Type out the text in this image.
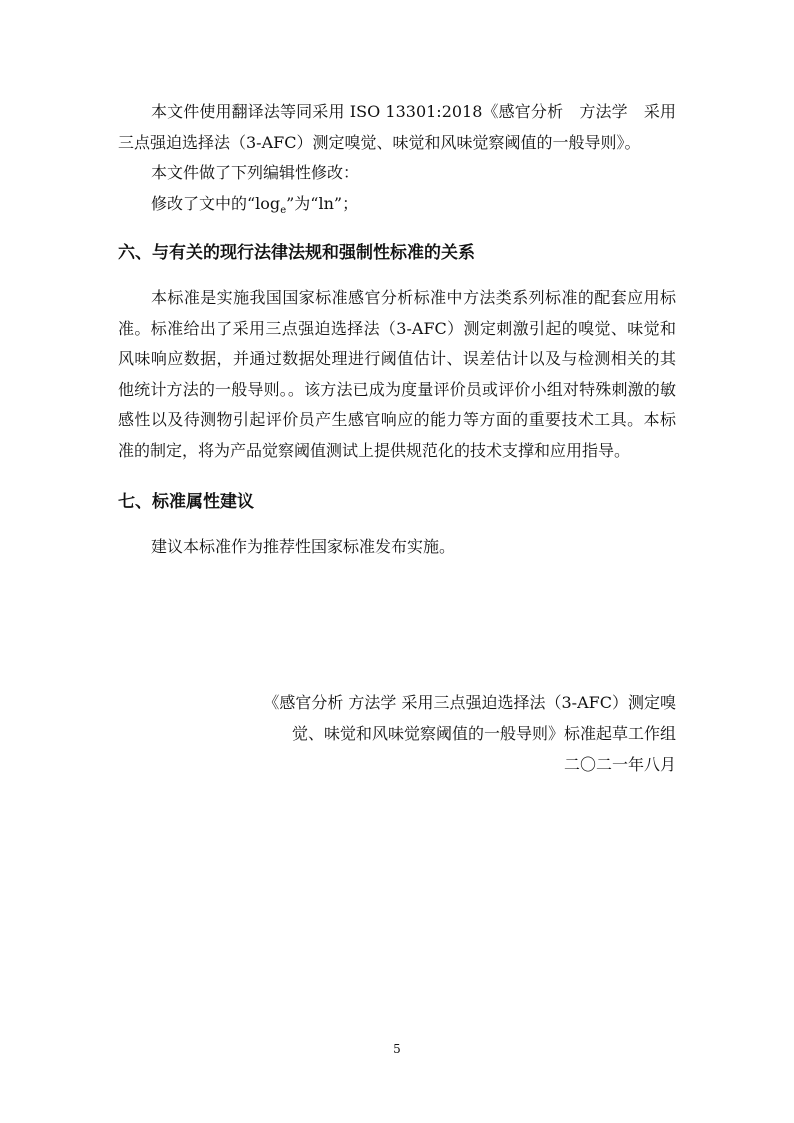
本文件使用翻译法等同采用 ISO 13301:2018《感官分析　方法学　采用三点强迫选择法（3-AFC）测定嗅觉、味觉和风味觉察阈值的一般导则》。

本文件做了下列编辑性修改：

修改了文中的“$\log_e$”为“ln”；

六、与有关的现行法律法规和强制性标准的关系

本标准是实施我国国家标准感官分析标准中方法类系列标准的配套应用标准。标准给出了采用三点强迫选择法（3-AFC）测定刺激引起的嗅觉、味觉和风味响应数据，并通过数据处理进行阈值估计、误差估计以及与检测相关的其他统计方法的一般导则。。该方法已成为度量评价员或评价小组对特殊刺激的敏感性以及待测物引起评价员产生感官响应的能力等方面的重要技术工具。本标准的制定，将为产品觉察阈值测试上提供规范化的技术支撑和应用指导。

七、标准属性建议

建议本标准作为推荐性国家标准发布实施。

《感官分析 方法学 采用三点强迫选择法（3-AFC）测定嗅

觉、味觉和风味觉察阈值的一般导则》标准起草工作组

二〇二一年八月

5
